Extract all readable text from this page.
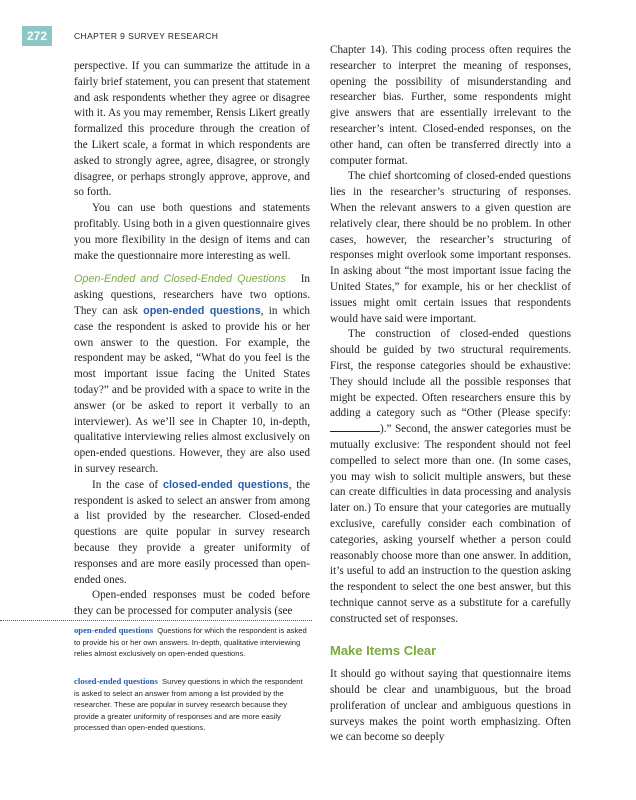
272	CHAPTER 9 SURVEY RESEARCH

perspective. If you can summarize the attitude in a fairly brief statement, you can present that statement and ask respondents whether they agree or disagree with it. As you may remember, Rensis Likert greatly formalized this procedure through the creation of the Likert scale, a format in which respondents are asked to strongly agree, agree, disagree, or strongly disagree, or perhaps strongly approve, approve, and so forth.

You can use both questions and statements profitably. Using both in a given questionnaire gives you more flexibility in the design of items and can make the questionnaire more interesting as well.

Open-Ended and Closed-Ended Questions In asking questions, researchers have two options. They can ask open-ended questions, in which case the respondent is asked to provide his or her own answer to the question. For example, the respondent may be asked, “What do you feel is the most important issue facing the United States today?” and be provided with a space to write in the answer (or be asked to report it verbally to an interviewer). As we’ll see in Chapter 10, in-depth, qualitative interviewing relies almost exclusively on open-ended questions. However, they are also used in survey research.

In the case of closed-ended questions, the respondent is asked to select an answer from among a list provided by the researcher. Closed-ended questions are quite popular in survey research because they provide a greater uniformity of responses and are more easily processed than open-ended ones.

Open-ended responses must be coded before they can be processed for computer analysis (see

Chapter 14). This coding process often requires the researcher to interpret the meaning of responses, opening the possibility of misunderstanding and researcher bias. Further, some respondents might give answers that are essentially irrelevant to the researcher’s intent. Closed-ended responses, on the other hand, can often be transferred directly into a computer format.

The chief shortcoming of closed-ended questions lies in the researcher’s structuring of responses. When the relevant answers to a given question are relatively clear, there should be no problem. In other cases, however, the researcher’s structuring of responses might overlook some important responses. In asking about “the most important issue facing the United States,” for example, his or her checklist of issues might omit certain issues that respondents would have said were important.

The construction of closed-ended questions should be guided by two structural requirements. First, the response categories should be exhaustive: They should include all the possible responses that might be expected. Often researchers ensure this by adding a category such as “Other (Please specify: ).” Second, the answer categories must be mutually exclusive: The respondent should not feel compelled to select more than one. (In some cases, you may wish to solicit multiple answers, but these can create difficulties in data processing and analysis later on.) To ensure that your categories are mutually exclusive, carefully consider each combination of categories, asking yourself whether a person could reasonably choose more than one answer. In addition, it’s useful to add an instruction to the question asking the respondent to select the one best answer, but this technique cannot serve as a substitute for a carefully constructed set of responses.

Make Items Clear

It should go without saying that questionnaire items should be clear and unambiguous, but the broad proliferation of unclear and ambiguous questions in surveys makes the point worth emphasizing. Often we can become so deeply

open-ended questions Questions for which the respondent is asked to provide his or her own answers. In-depth, qualitative interviewing relies almost exclusively on open-ended questions.
closed-ended questions Survey questions in which the respondent is asked to select an answer from among a list provided by the researcher. These are popular in survey research because they provide a greater uniformity of responses and are more easily processed than open-ended questions.
